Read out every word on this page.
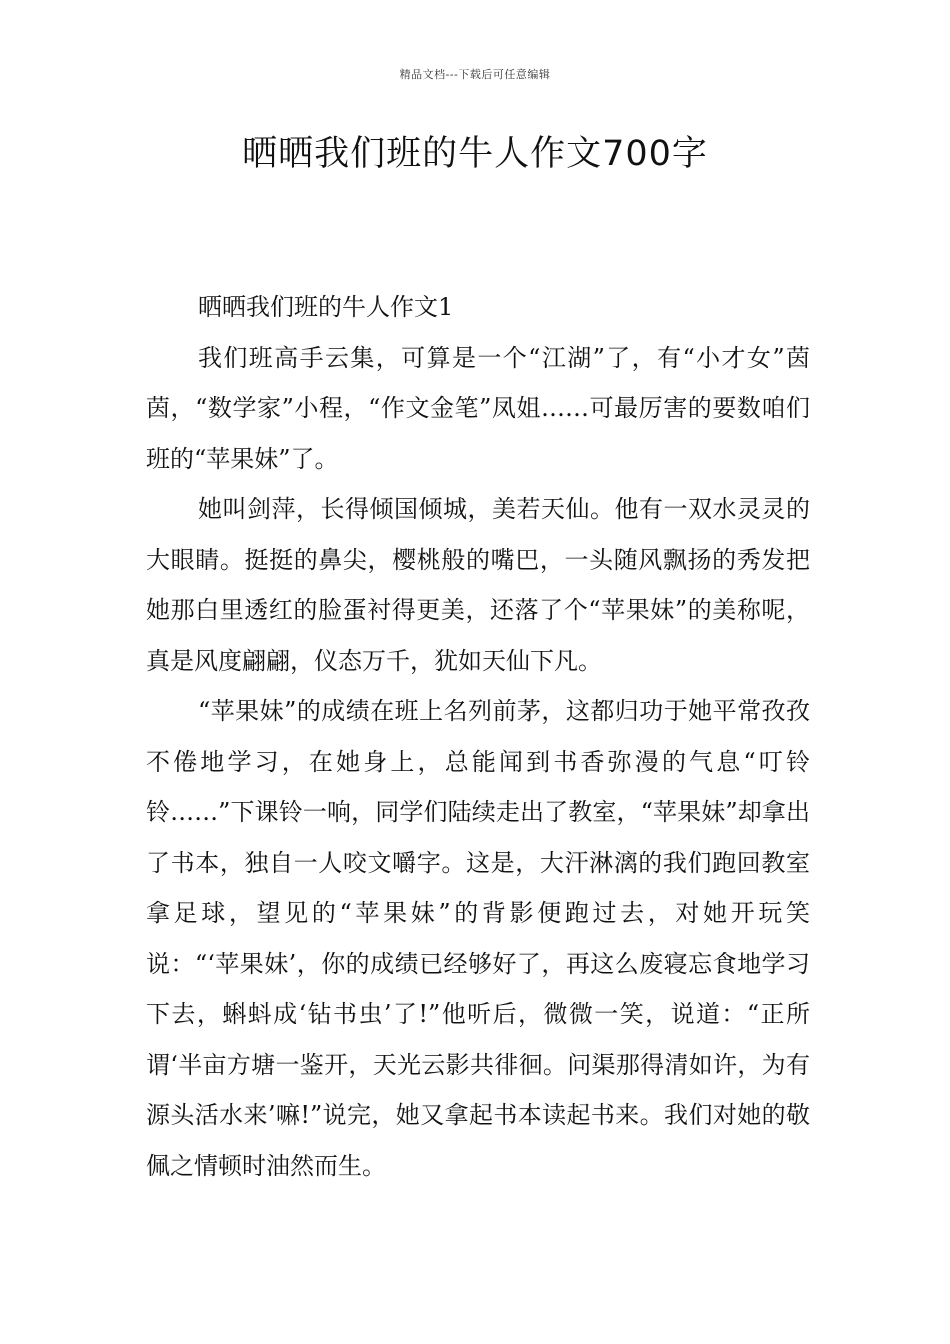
精品文档---下载后可任意编辑
晒晒我们班的牛人作文700字

晒晒我们班的牛人作文1

我们班高手云集，可算是一个“江湖”了，有“小才女”茵茵，“数学家”小程，“作文金笔”凤姐……可最厉害的要数咱们班的“苹果妹”了。

她叫剑萍，长得倾国倾城，美若天仙。他有一双水灵灵的大眼睛。挺挺的鼻尖，樱桃般的嘴巴，一头随风飘扬的秀发把她那白里透红的脸蛋衬得更美，还落了个“苹果妹”的美称呢，真是风度翩翩，仪态万千，犹如天仙下凡。

“苹果妹”的成绩在班上名列前茅，这都归功于她平常孜孜不倦地学习，在她身上，总能闻到书香弥漫的气息“叮铃铃……”下课铃一响，同学们陆续走出了教室，“苹果妹”却拿出了书本，独自一人咬文嚼字。这是，大汗淋漓的我们跑回教室拿足球，望见的“苹果妹”的背影便跑过去，对她开玩笑说：“‘苹果妹’，你的成绩已经够好了，再这么废寝忘食地学习下去，蝌蚪成‘钻书虫’了!”他听后，微微一笑，说道：“正所谓‘半亩方塘一鉴开，天光云影共徘徊。问渠那得清如许，为有源头活水来’嘛!”说完，她又拿起书本读起书来。我们对她的敬佩之情顿时油然而生。
